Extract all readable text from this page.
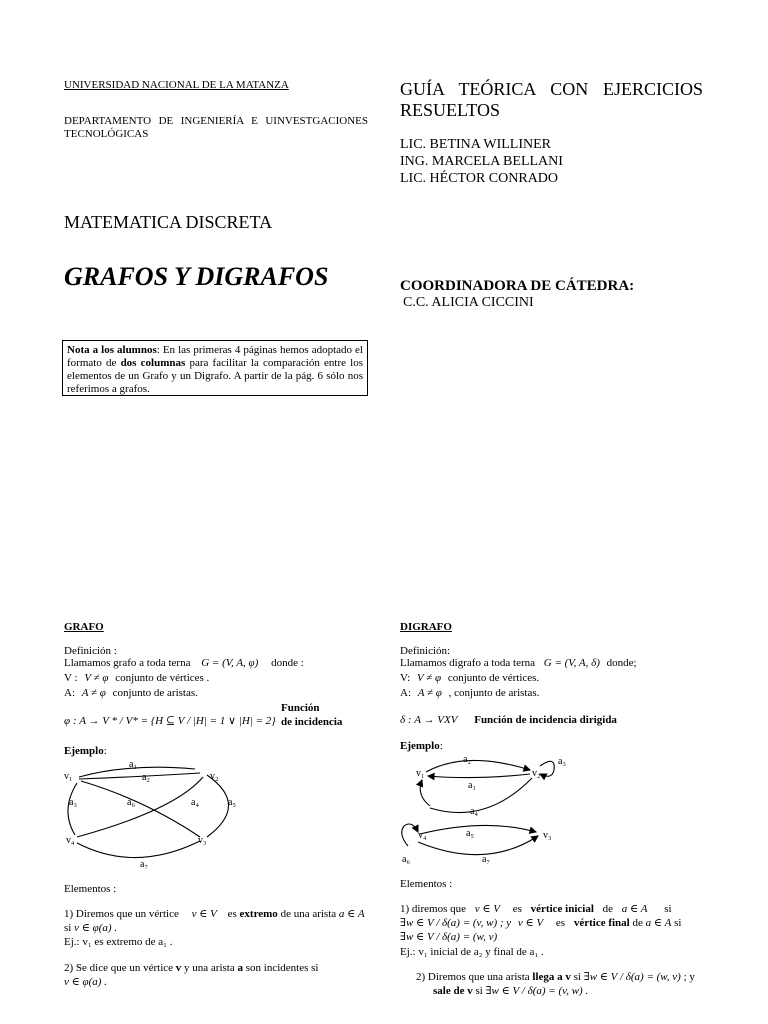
UNIVERSIDAD NACIONAL DE LA MATANZA
DEPARTAMENTO DE INGENIERÍA E UINVESTGACIONES TECNOLÓGICAS
MATEMATICA DISCRETA
GRAFOS Y DIGRAFOS
GUÍA TEÓRICA CON EJERCICIOS RESUELTOS
LIC. BETINA WILLINER
ING. MARCELA BELLANI
LIC. HÉCTOR CONRADO
COORDINADORA DE CÁTEDRA:
C.C. ALICIA CICCINI
Nota a los alumnos: En las primeras 4 páginas hemos adoptado el formato de dos columnas para facilitar la comparación entre los elementos de un Grafo y un Digrafo. A partir de la pág. 6 sólo nos referimos a grafos.
GRAFO
Definición :
Llamamos grafo a toda terna G = (V, A, φ) donde :
V : V ≠ φ conjunto de vértices .
A: A ≠ φ conjunto de aristas.
φ : A → V * / V* = {H ⊆ V / |H| = 1 ∨ |H| = 2}
Función
de incidencia
Ejemplo:
v₁	v₂
v₃
v₄
a₁
a₂
a₃	a₄	a₅
a₆
a₇
Elementos :
1) Diremos que un vértice v ∈ V es extremo de una arista a ∈ A
si v ∈ φ(a) .
Ej.: v₁ es extremo de a₁ .
2) Se dice que un vértice v y una arista a son incidentes si
v ∈ φ(a) .
DIGRAFO
Definición:
Llamamos digrafo a toda terna G = (V, A, δ) donde;
V: V ≠ φ conjunto de vértices.
A: A ≠ φ , conjunto de aristas.
δ : A → VXV Función de incidencia dirigida
Ejemplo:
v₁	v₂
v₃
v₄
a₁
a₂	a₃
a₄
a₅
a₆	a₇
Elementos :
1) diremos que v ∈ V es vértice inicial de a ∈ A si
∃w ∈ V / δ(a) = (v, w) ; y v ∈ V es vértice final de a ∈ A si
∃w ∈ V / δ(a) = (w, v)
Ej.: v₁ inicial de a₂ y final de a₁ .
2) Diremos que una arista llega a v si ∃w ∈ V / δ(a) = (w, v) ; y
sale de v si ∃w ∈ V / δ(a) = (v, w) .
